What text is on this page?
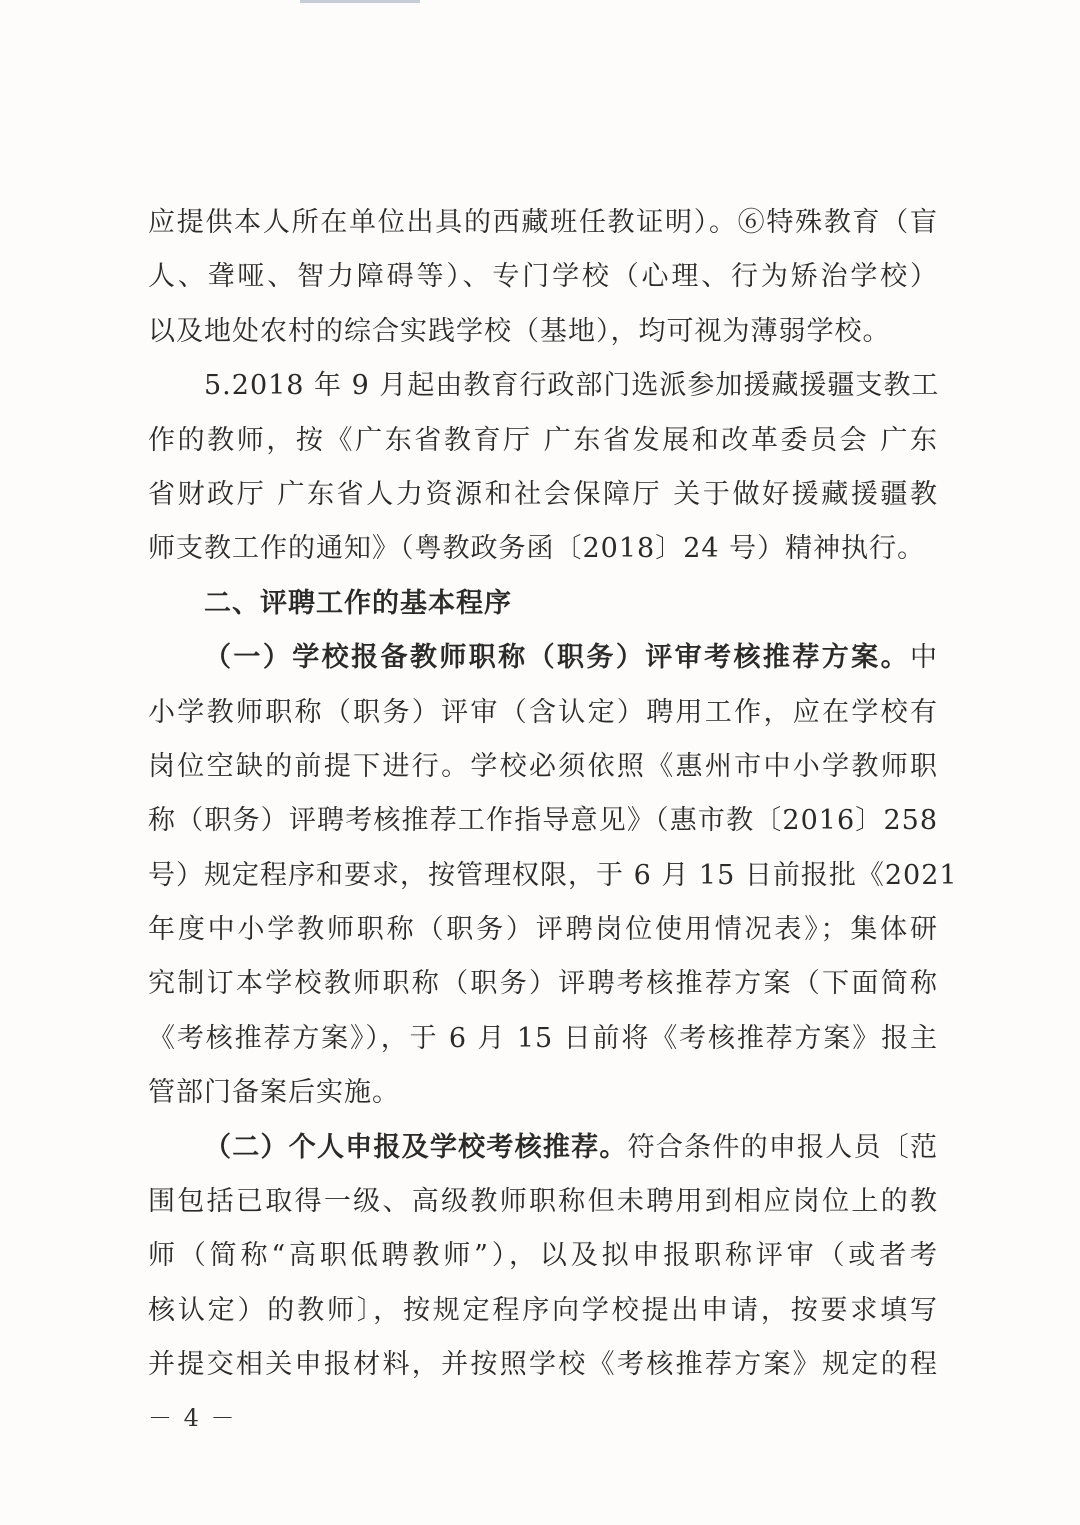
应提供本人所在单位出具的西藏班任教证明）。⑥特殊教育（盲
人、聋哑、智力障碍等）、专门学校（心理、行为矫治学校）
以及地处农村的综合实践学校（基地），均可视为薄弱学校。
5.2018 年 9 月起由教育行政部门选派参加援藏援疆支教工
作的教师，按《广东省教育厅 广东省发展和改革委员会 广东
省财政厅 广东省人力资源和社会保障厅 关于做好援藏援疆教
师支教工作的通知》（粤教政务函〔2018〕24 号）精神执行。
二、评聘工作的基本程序
（一）学校报备教师职称（职务）评审考核推荐方案。中
小学教师职称（职务）评审（含认定）聘用工作，应在学校有
岗位空缺的前提下进行。学校必须依照《惠州市中小学教师职
称（职务）评聘考核推荐工作指导意见》（惠市教〔2016〕258
号）规定程序和要求，按管理权限，于 6 月 15 日前报批《2021
年度中小学教师职称（职务）评聘岗位使用情况表》；集体研
究制订本学校教师职称（职务）评聘考核推荐方案（下面简称
《考核推荐方案》），于 6 月 15 日前将《考核推荐方案》报主
管部门备案后实施。
（二）个人申报及学校考核推荐。符合条件的申报人员〔范
围包括已取得一级、高级教师职称但未聘用到相应岗位上的教
师（简称“高职低聘教师”），以及拟申报职称评审（或者考
核认定）的教师〕，按规定程序向学校提出申请，按要求填写
并提交相关申报材料，并按照学校《考核推荐方案》规定的程
－ 4 －
